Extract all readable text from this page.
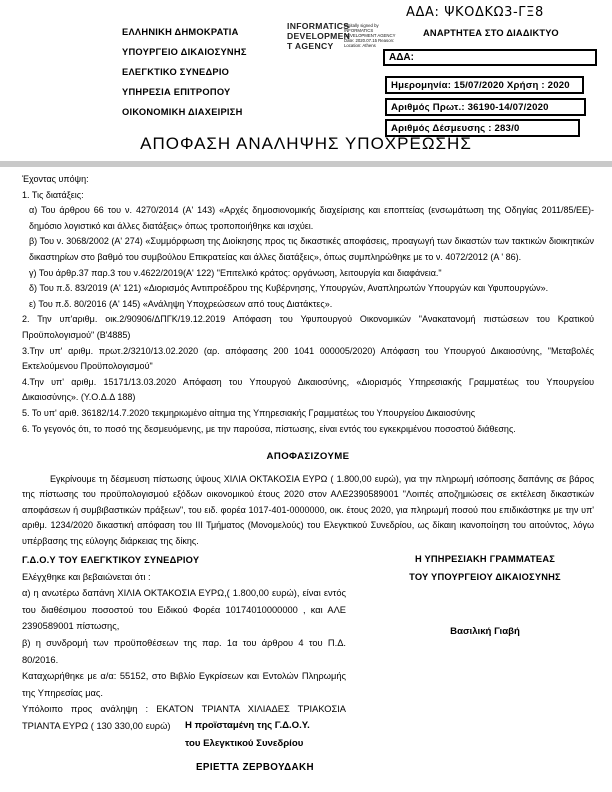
ΑΔΑ: ΨΚΟΔΚΩ3-ΓΞ8
ΕΛΛΗΝΙΚΗ ΔΗΜΟΚΡΑΤΙΑ
ΥΠΟΥΡΓΕΙΟ ΔΙΚΑΙΟΣΥΝΗΣ
ΕΛΕΓΚΤΙΚΟ ΣΥΝΕΔΡΙΟ
ΥΠΗΡΕΣΙΑ ΕΠΙΤΡΟΠΟΥ
ΟΙΚΟΝΟΜΙΚΗ ΔΙΑΧΕΙΡΙΣΗ
INFORMATICS
DEVELOPMEN
T AGENCY
Digitally signed by INFORMATICS DEVELOPMENT AGENCY Date: 2020.07.15 Reason: Location: Athens
ΑΝΑΡΤΗΤΕΑ ΣΤΟ ΔΙΑΔΙΚΤΥΟ
ΑΔΑ:
Ημερομηνία: 15/07/2020 Χρήση : 2020
Αριθμός Πρωτ.: 36190-14/07/2020
Αριθμός Δέσμευσης : 283/0
ΑΠΟΦΑΣΗ ΑΝΑΛΗΨΗΣ ΥΠΟΧΡΕΩΣΗΣ

Έχοντας υπόψη:

1. Τις διατάξεις:

α) Του άρθρου 66 του ν. 4270/2014 (Α' 143) «Αρχές δημοσιονομικής διαχείρισης και εποπτείας (ενσωμάτωση της Οδηγίας 2011/85/ΕΕ)- δημόσιο λογιστικό και άλλες διατάξεις» όπως τροποποιήθηκε και ισχύει.

β) Του ν. 3068/2002 (Α' 274) «Συμμόρφωση της Διοίκησης προς τις δικαστικές αποφάσεις, προαγωγή των δικαστών των τακτικών διοικητικών δικαστηρίων στο βαθμό του συμβούλου Επικρατείας και άλλες διατάξεις», όπως συμπληρώθηκε με το ν. 4072/2012 (Α ' 86).

γ) Του άρθρ.37 παρ.3 του ν.4622/2019(Α' 122) "Επιτελικό κράτος: οργάνωση, λειτουργία και διαφάνεια."

δ) Του π.δ. 83/2019 (Α' 121) «Διορισμός Αντιπροέδρου της Κυβέρνησης, Υπουργών, Αναπληρωτών Υπουργών και Υφυπουργών».

ε) Του π.δ. 80/2016 (Α' 145) «Ανάληψη Υποχρεώσεων από τους Διατάκτες».

2. Την υπ'αριθμ. οικ.2/90906/ΔΠΓΚ/19.12.2019 Απόφαση του Υφυπουργού Οικονομικών "Ανακατανομή πιστώσεων του Κρατικού Προϋπολογισμού" (Β'4885)

3.Την υπ' αριθμ. πρωτ.2/3210/13.02.2020 (αρ. απόφασης 200 1041 000005/2020) Απόφαση του Υπουργού Δικαιοσύνης, "Μεταβολές Εκτελούμενου Προϋπολογισμού"

4.Την υπ' αριθμ. 15171/13.03.2020 Απόφαση του Υπουργού Δικαιοσύνης, «Διορισμός Υπηρεσιακής Γραμματέως του Υπουργείου Δικαιοσύνης». (Υ.Ο.Δ.Δ 188)

5. Το υπ' αριθ. 36182/14.7.2020 τεκμηριωμένο αίτημα της Υπηρεσιακής Γραμματέως του Υπουργείου Δικαιοσύνης

6. Το γεγονός ότι, το ποσό της δεσμευόμενης, με την παρούσα, πίστωσης, είναι εντός του εγκεκριμένου ποσοστού διάθεσης.

ΑΠΟΦΑΣΙΖΟΥΜΕ

Εγκρίνουμε τη δέσμευση πίστωσης ύψους ΧΙΛΙΑ ΟΚΤΑΚΟΣΙΑ ΕΥΡΩ ( 1.800,00 ευρώ), για την πληρωμή ισόποσης δαπάνης σε βάρος της πίστωσης του προϋπολογισμού εξόδων οικονομικού έτους 2020 στον ΑΛΕ2390589001 "Λοιπές αποζημιώσεις σε εκτέλεση δικαστικών αποφάσεων ή συμβιβαστικών πράξεων", του ειδ. φορέα 1017-401-0000000, οικ. έτους 2020, για πληρωμή ποσού που επιδικάστηκε με την υπ' αριθμ. 1234/2020 δικαστική απόφαση του ΙΙΙ Τμήματος (Μονομελούς) του Ελεγκτικού Συνεδρίου, ως δίκαιη ικανοποίηση του αιτούντος, λόγω υπέρβασης της εύλογης διάρκειας της δίκης.

Γ.Δ.Ο.Υ ΤΟΥ ΕΛΕΓΚΤΙΚΟΥ ΣΥΝΕΔΡΙΟΥ

Ελέγχθηκε και βεβαιώνεται ότι :

α) η ανωτέρω δαπάνη ΧΙΛΙΑ ΟΚΤΑΚΟΣΙΑ ΕΥΡΩ,( 1.800,00 ευρώ), είναι εντός του διαθέσιμου ποσοστού του Ειδικού Φορέα 10174010000000 , και ΑΛΕ 2390589001 πίστωσης,

β) η συνδρομή των προϋποθέσεων της παρ. 1α του άρθρου 4 του Π.Δ. 80/2016.

Καταχωρήθηκε με α/α: 55152, στο Βιβλίο Εγκρίσεων και Εντολών Πληρωμής της Υπηρεσίας μας.

Υπόλοιπο προς ανάληψη : ΕΚΑΤΟΝ ΤΡΙΑΝΤΑ ΧΙΛΙΑΔΕΣ ΤΡΙΑΚΟΣΙΑ ΤΡΙΑΝΤΑ ΕΥΡΩ ( 130 330,00 ευρώ)

Η ΥΠΗΡΕΣΙΑΚΗ ΓΡΑΜΜΑΤΕΑΣ
ΤΟΥ ΥΠΟΥΡΓΕΙΟΥ ΔΙΚΑΙΟΣΥΝΗΣ
Βασιλική Γιαβή
Η προϊσταμένη της Γ.Δ.Ο.Υ.
του Ελεγκτικού Συνεδρίου
ΕΡΙΕΤΤΑ ΖΕΡΒΟΥΔΑΚΗ
